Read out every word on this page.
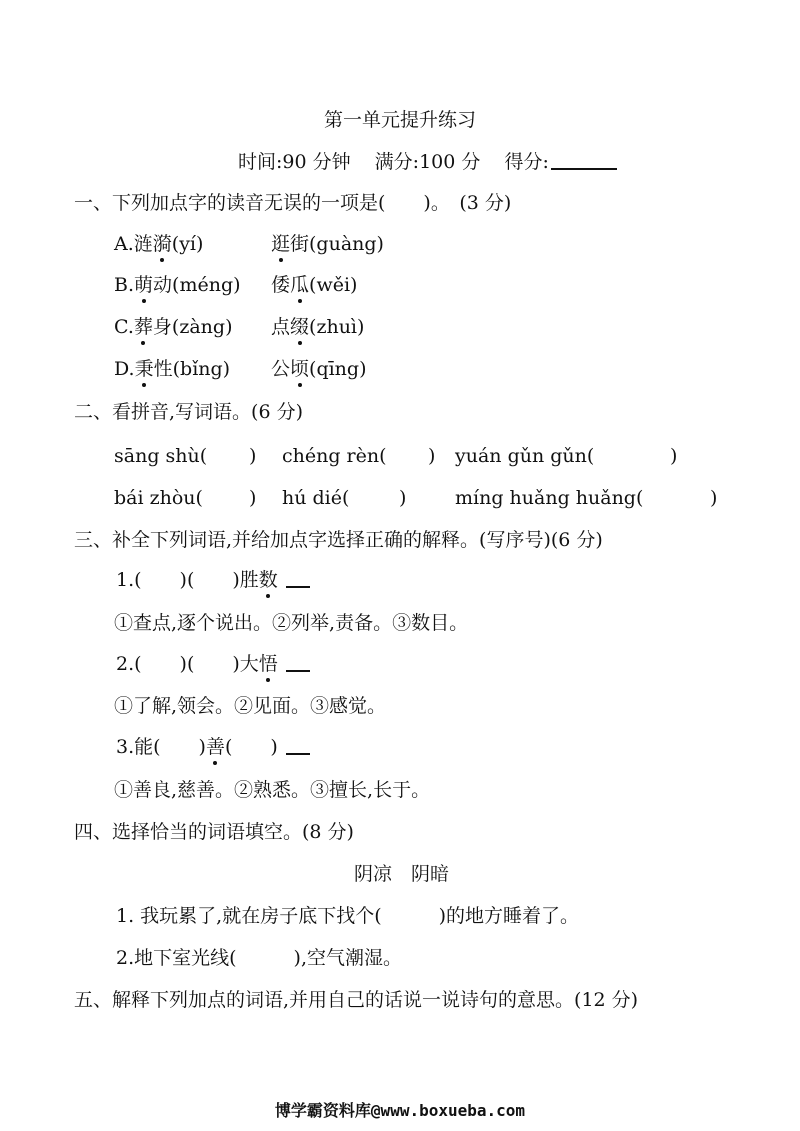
第一单元提升练习
时间:90 分钟 满分:100 分 得分:
一、下列加点字的读音无误的一项是(　　)。　(3 分)
A.涟漪(yí)	逛街(guàng)
B.萌动(méng) 倭瓜(wěi)
C.葬身(zàng) 点缀(zhuì)
D.秉性(bǐng) 公顷(qīng)
二、看拼音,写词语。(6 分)
sāng shù( ) chéng rèn( ) yuán gǔn gǔn(	)
bái zhòu( ) hú dié(	)	míng huǎng huǎng(	)
三、补全下列词语,并给加点字选择正确的解释。(写序号)(6 分)
1.(　　)(　　)胜数
①查点,逐个说出。②列举,责备。③数目。
2.(　　)(　　)大悟
①了解,领会。②见面。③感觉。
3.能(　　)善(　　)
①善良,慈善。②熟悉。③擅长,长于。
四、选择恰当的词语填空。(8 分)
阴凉　阴暗
1. 我玩累了,就在房子底下找个(　　　)的地方睡着了。
2.地下室光线(　　　),空气潮湿。
五、解释下列加点的词语,并用自己的话说一说诗句的意思。(12 分)
博学霸资料库@www.boxueba.com
